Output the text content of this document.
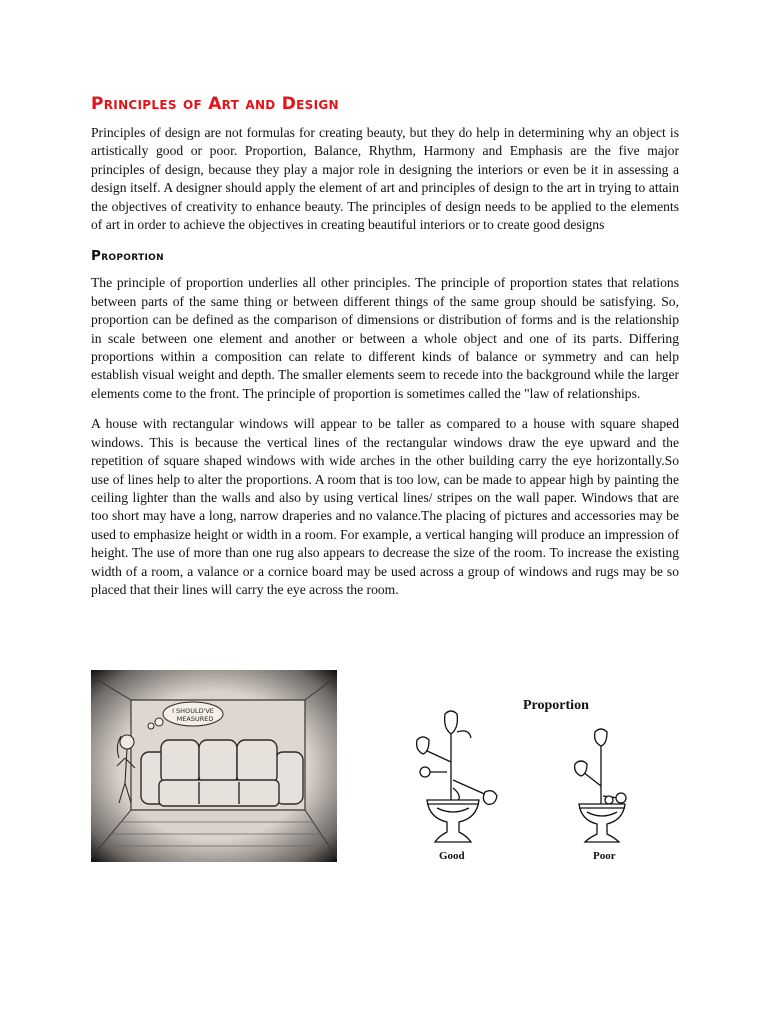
Principles of Art and Design

Principles of design are not formulas for creating beauty, but they do help in determining why an object is artistically good or poor. Proportion, Balance, Rhythm, Harmony and Emphasis are the five major principles of design, because they play a major role in designing the interiors or even be it in assessing a design itself. A designer should apply the element of art and principles of design to the art in trying to attain the objectives of creativity to enhance beauty. The principles of design needs to be applied to the elements of art in order to achieve the objectives in creating beautiful interiors or to create good designs

Proportion

The principle of proportion underlies all other principles. The principle of proportion states that relations between parts of the same thing or between different things of the same group should be satisfying. So, proportion can be defined as the comparison of dimensions or distribution of forms and is the relationship in scale between one element and another or between a whole object and one of its parts. Differing proportions within a composition can relate to different kinds of balance or symmetry and can help establish visual weight and depth. The smaller elements seem to recede into the background while the larger elements come to the front. The principle of proportion is sometimes called the "law of relationships.

A house with rectangular windows will appear to be taller as compared to a house with square shaped windows. This is because the vertical lines of the rectangular windows draw the eye upward and the repetition of square shaped windows with wide arches in the other building carry the eye horizontally.So use of lines help to alter the proportions. A room that is too low, can be made to appear high by painting the ceiling lighter than the walls and also by using vertical lines/ stripes on the wall paper. Windows that are too short may have a long, narrow draperies and no valance.The placing of pictures and accessories may be used to emphasize height or width in a room. For example, a vertical hanging will produce an impression of height. The use of more than one rug also appears to decrease the size of the room. To increase the existing width of a room, a valance or a cornice board may be used across a group of windows and rugs may be so placed that their lines will carry the eye across the room.

I SHOULD'VE
MEASURED
Proportion
Good	Poor
